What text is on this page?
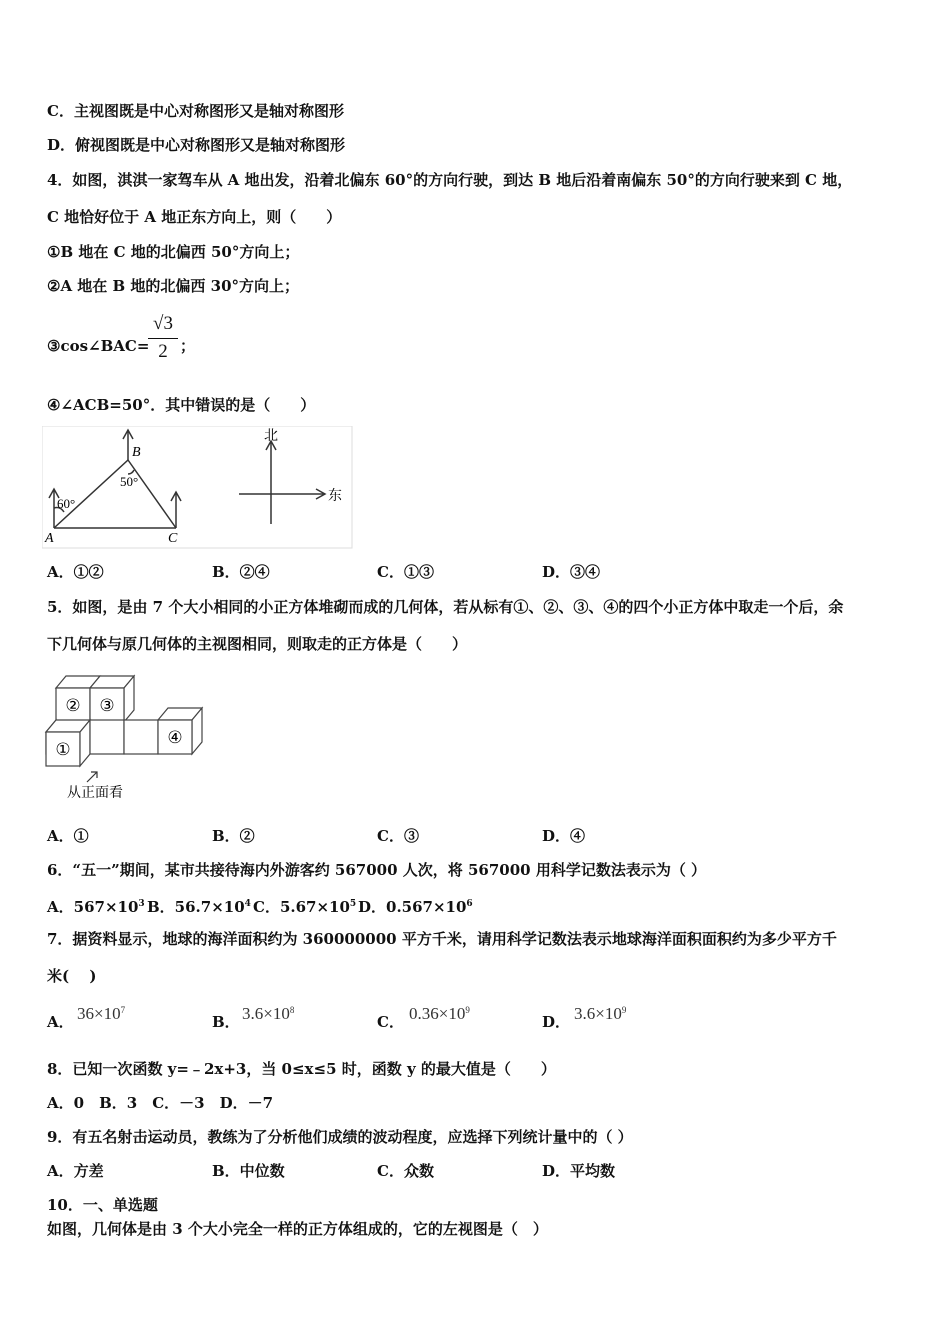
C．主视图既是中心对称图形又是轴对称图形
D．俯视图既是中心对称图形又是轴对称图形
4．如图，淇淇一家驾车从 A 地出发，沿着北偏东 60°的方向行驶，到达 B 地后沿着南偏东 50°的方向行驶来到 C 地，
C 地恰好位于 A 地正东方向上，则（　　）
①B 地在 C 地的北偏西 50°方向上；
②A 地在 B 地的北偏西 30°方向上；
③cos∠BAC=
√3
2 ；
④∠ACB=50°．其中错误的是（　　）
B
50°
60°
A	C
北
东
A．①②	B．②④	C．①③	D．③④
5．如图，是由 7 个大小相同的小正方体堆砌而成的几何体，若从标有①、②、③、④的四个小正方体中取走一个后，余
下几何体与原几何体的主视图相同，则取走的正方体是（　　）
② ③
①
④
从正面看
A．①	B．②	C．③	D．④
6．“五一”期间，某市共接待海内外游客约 567000 人次，将 567000 用科学记数法表示为（ ）
A．$567\times 10^3$ B．$56.7\times 10^4$ C．$5.67\times 10^5$ D．$0.567\times 10^6$
7．据资料显示，地球的海洋面积约为 360000000 平方千米，请用科学记数法表示地球海洋面积面积约为多少平方千
米(　 )
A． $36\times 10^7$
B． $3.6\times 10^8$
C． $0.36\times 10^9$
D． $3.6\times 10^9$
8．已知一次函数 y=﹣2x+3，当 0≤x≤5 时，函数 y 的最大值是（　　）
A．0　B．3　C．－3　D．－7
9．有五名射击运动员，教练为了分析他们成绩的波动程度，应选择下列统计量中的（ ）
A．方差	B．中位数	C．众数	D．平均数
10．一、单选题
如图，几何体是由 3 个大小完全一样的正方体组成的，它的左视图是（　）
